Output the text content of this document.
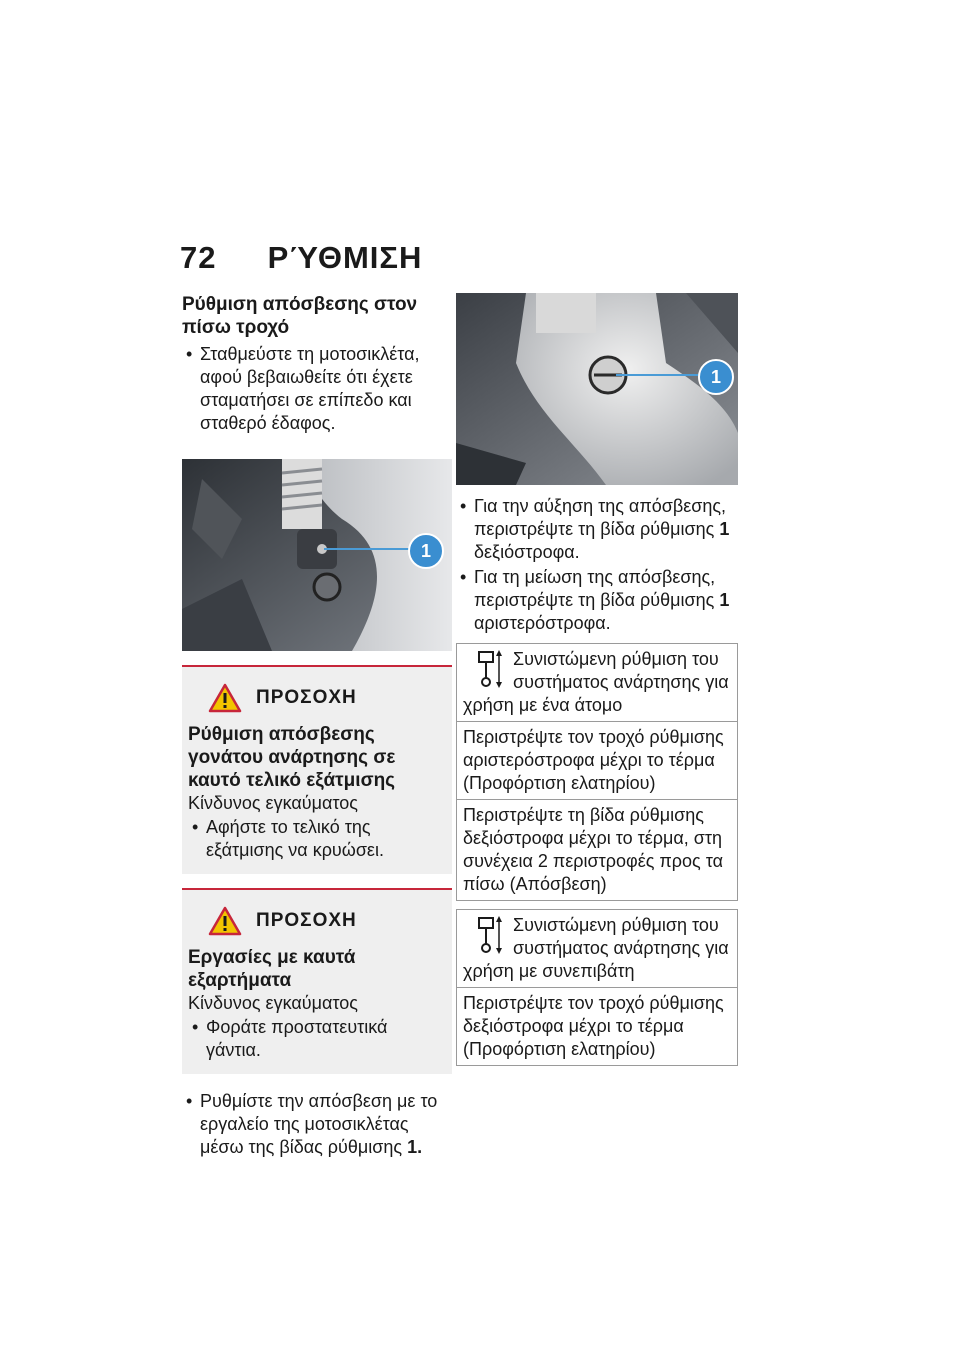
72 ΡΎΘΜΙΣΗ
Ρύθμιση απόσβεσης στον πίσω τροχό
• Σταθμεύστε τη μοτοσικλέτα, αφού βεβαιωθείτε ότι έχετε σταματήσει σε επίπεδο και σταθερό έδαφος.
1
ΠΡΟΣΟΧΗ
Ρύθμιση απόσβεσης γονάτου ανάρτησης σε καυτό τελικό εξάτμισης
Κίνδυνος εγκαύματος
• Αφήστε το τελικό της εξάτμισης να κρυώσει.
ΠΡΟΣΟΧΗ
Εργασίες με καυτά εξαρτήματα
Κίνδυνος εγκαύματος
• Φοράτε προστατευτικά γάντια.
• Ρυθμίστε την απόσβεση με το εργαλείο της μοτοσικλέτας μέσω της βίδας ρύθμισης 1.
1
• Για την αύξηση της απόσβεσης, περιστρέψτε τη βίδα ρύθμισης 1 δεξιόστροφα.
• Για τη μείωση της απόσβεσης, περιστρέψτε τη βίδα ρύθμισης 1 αριστερόστροφα.
Συνιστώμενη ρύθμιση του συστήματος ανάρτησης για χρήση με ένα άτομο
Περιστρέψτε τον τροχό ρύθμισης αριστερόστροφα μέχρι το τέρμα (Προφόρτιση ελατηρίου)
Περιστρέψτε τη βίδα ρύθμισης δεξιόστροφα μέχρι το τέρμα, στη συνέχεια 2 περιστροφές προς τα πίσω (Απόσβεση)
Συνιστώμενη ρύθμιση του συστήματος ανάρτησης για χρήση με συνεπιβάτη
Περιστρέψτε τον τροχό ρύθμισης δεξιόστροφα μέχρι το τέρμα (Προφόρτιση ελατηρίου)
